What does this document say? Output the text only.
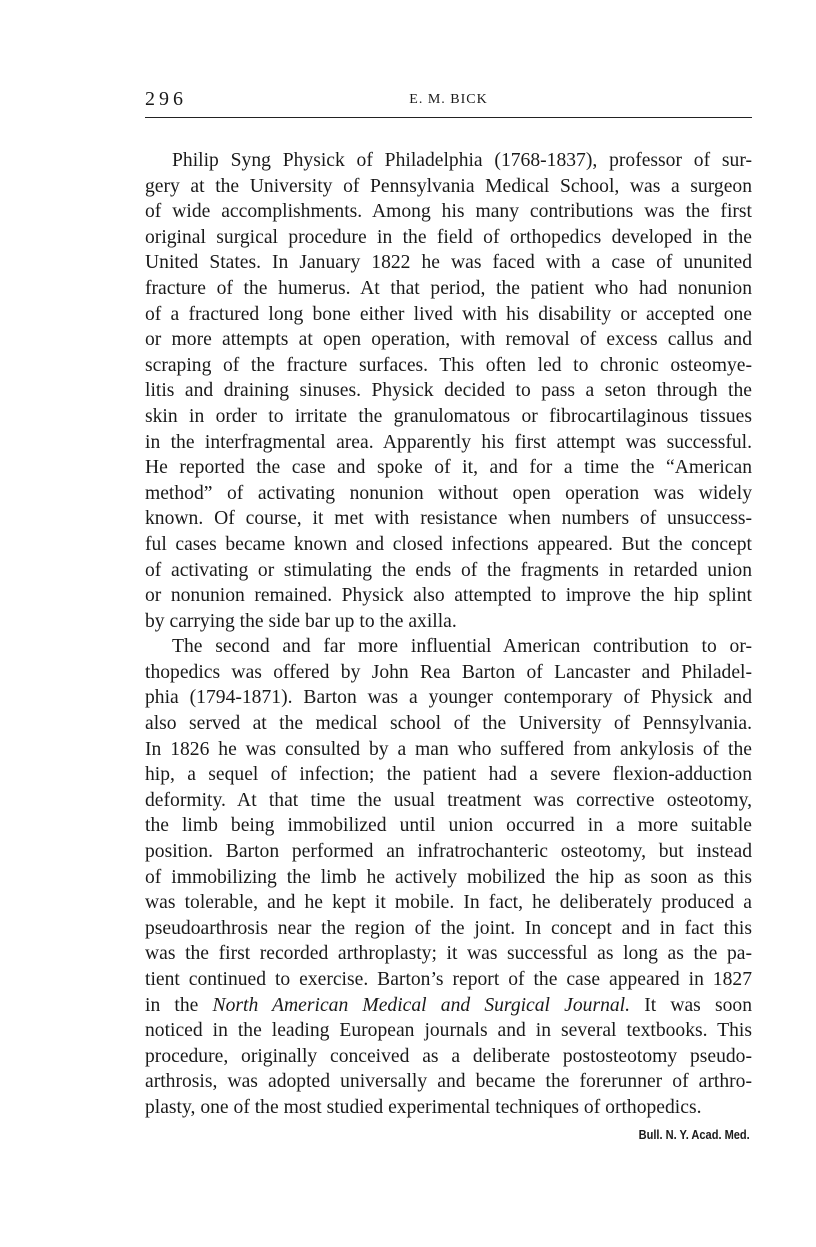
296	E. M. BICK
Philip Syng Physick of Philadelphia (1768-1837), professor of sur-
gery at the University of Pennsylvania Medical School, was a surgeon
of wide accomplishments. Among his many contributions was the first
original surgical procedure in the field of orthopedics developed in the
United States. In January 1822 he was faced with a case of ununited
fracture of the humerus. At that period, the patient who had nonunion
of a fractured long bone either lived with his disability or accepted one
or more attempts at open operation, with removal of excess callus and
scraping of the fracture surfaces. This often led to chronic osteomye-
litis and draining sinuses. Physick decided to pass a seton through the
skin in order to irritate the granulomatous or fibrocartilaginous tissues
in the interfragmental area. Apparently his first attempt was successful.
He reported the case and spoke of it, and for a time the “American
method” of activating nonunion without open operation was widely
known. Of course, it met with resistance when numbers of unsuccess-
ful cases became known and closed infections appeared. But the concept
of activating or stimulating the ends of the fragments in retarded union
or nonunion remained. Physick also attempted to improve the hip splint
by carrying the side bar up to the axilla.
The second and far more influential American contribution to or-
thopedics was offered by John Rea Barton of Lancaster and Philadel-
phia (1794-1871). Barton was a younger contemporary of Physick and
also served at the medical school of the University of Pennsylvania.
In 1826 he was consulted by a man who suffered from ankylosis of the
hip, a sequel of infection; the patient had a severe flexion-adduction
deformity. At that time the usual treatment was corrective osteotomy,
the limb being immobilized until union occurred in a more suitable
position. Barton performed an infratrochanteric osteotomy, but instead
of immobilizing the limb he actively mobilized the hip as soon as this
was tolerable, and he kept it mobile. In fact, he deliberately produced a
pseudoarthrosis near the region of the joint. In concept and in fact this
was the first recorded arthroplasty; it was successful as long as the pa-
tient continued to exercise. Barton’s report of the case appeared in 1827
in the North American Medical and Surgical Journal. It was soon
noticed in the leading European journals and in several textbooks. This
procedure, originally conceived as a deliberate postosteotomy pseudo-
arthrosis, was adopted universally and became the forerunner of arthro-
plasty, one of the most studied experimental techniques of orthopedics.
Bull. N. Y. Acad. Med.
